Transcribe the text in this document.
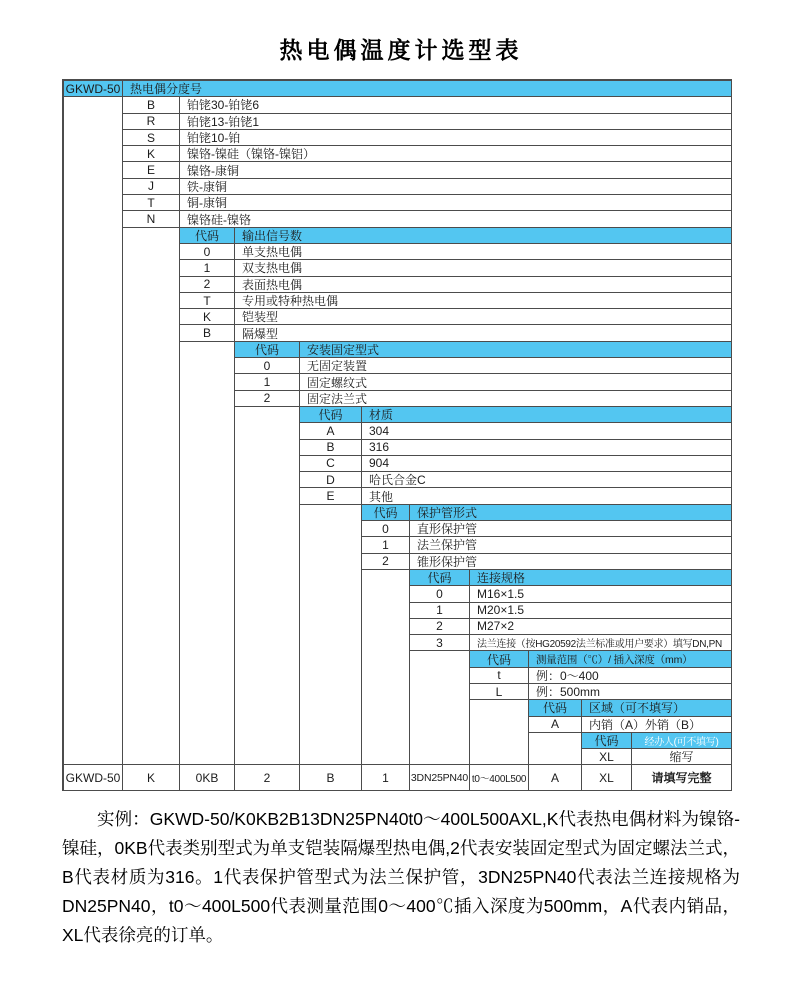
热电偶温度计选型表
GKWD-50 热电偶分度号
B	铂铑30-铂铑6
R	铂铑13-铂铑1
S	铂铑10-铂
K	镍铬-镍硅（镍铬-镍铝）
E	镍铬-康铜
J	铁-康铜
T	铜-康铜
N	镍铬硅-镍铬
代码	输出信号数
0	单支热电偶
1	双支热电偶
2	表面热电偶
T	专用或特种热电偶
K	铠装型
B	隔爆型
代码	安装固定型式
0	无固定装置
1	固定螺纹式
2	固定法兰式
代码	材质
A	304
B	316
C	904
D	哈氏合金C
E	其他
代码	保护管形式
0	直形保护管
1	法兰保护管
2	锥形保护管
代码	连接规格
0	M16×1.5
1	M20×1.5
2	M27×2
3	法兰连接（按HG20592法兰标准或用户要求）填写DN,PN
代码	测量范围（℃）/ 插入深度（mm）
t	例：0～400
L	例：500mm
代码	区域（可不填写）
A	内销（A）外销（B）
代码	经办人(可不填写)
XL	缩写
GKWD-50	K	0KB	2	B	1	3DN25PN40 t0～400L500	A	XL	请填写完整

实例：GKWD-50/K0KB2B13DN25PN40t0～400L500AXL,K代表热电偶材料为镍铬-镍硅，0KB代表类别型式为单支铠装隔爆型热电偶,2代表安装固定型式为固定螺法兰式，B代表材质为316。1代表保护管型式为法兰保护管，3DN25PN40代表法兰连接规格为DN25PN40，t0～400L500代表测量范围0～400℃插入深度为500mm，A代表内销品，XL代表徐亮的订单。
